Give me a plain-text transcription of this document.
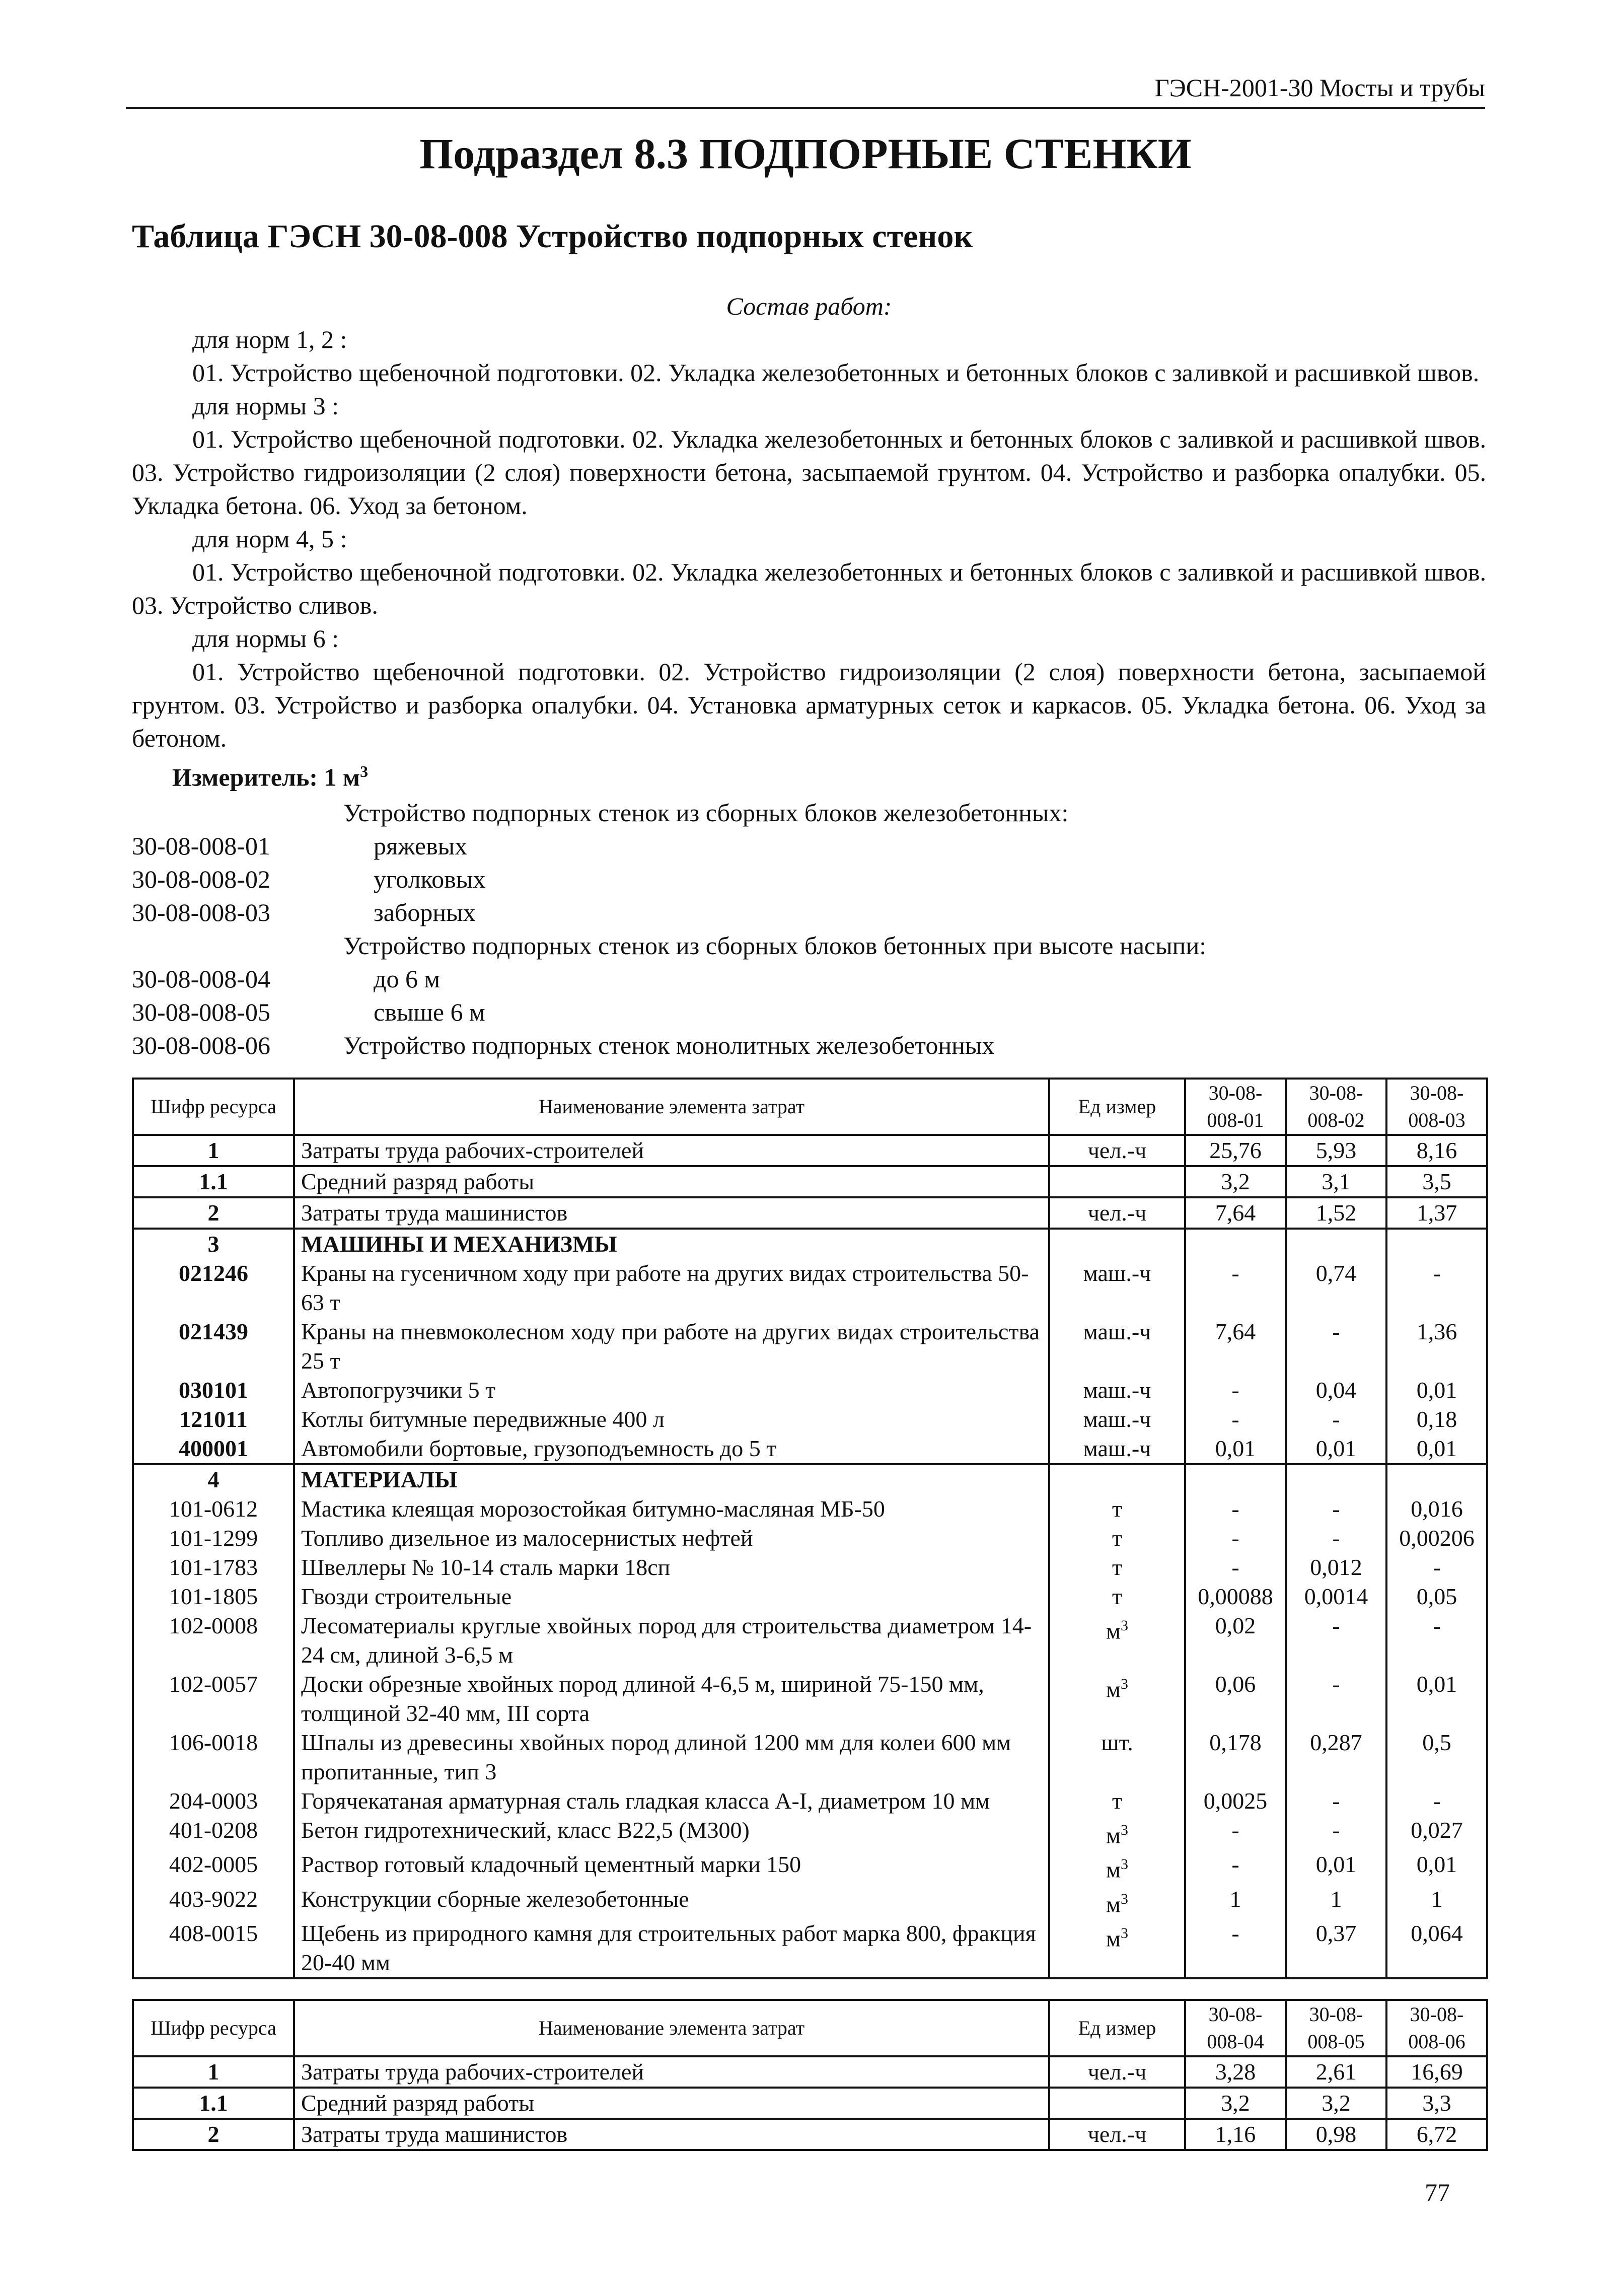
ГЭСН-2001-30 Мосты и трубы
Подраздел 8.3 ПОДПОРНЫЕ СТЕНКИ
Таблица ГЭСН 30-08-008 Устройство подпорных стенок

Состав работ:

для норм 1, 2 :

01. Устройство щебеночной подготовки. 02. Укладка железобетонных и бетонных блоков с заливкой и расшивкой швов.

для нормы 3 :

01. Устройство щебеночной подготовки. 02. Укладка железобетонных и бетонных блоков с заливкой и расшивкой швов. 03. Устройство гидроизоляции (2 слоя) поверхности бетона, засыпаемой грунтом. 04. Устройство и разборка опалубки. 05. Укладка бетона. 06. Уход за бетоном.

для норм 4, 5 :

01. Устройство щебеночной подготовки. 02. Укладка железобетонных и бетонных блоков с заливкой и расшивкой швов. 03. Устройство сливов.

для нормы 6 :

01. Устройство щебеночной подготовки. 02. Устройство гидроизоляции (2 слоя) поверхности бетона, засыпаемой грунтом. 03. Устройство и разборка опалубки. 04. Установка арматурных сеток и каркасов. 05. Укладка бетона. 06. Уход за бетоном.

Измеритель: 1 $м^3$

Устройство подпорных стенок из сборных блоков железобетонных:
30-08-008-01	ряжевых
30-08-008-02	уголковых
30-08-008-03	заборных
Устройство подпорных стенок из сборных блоков бетонных при высоте насыпи:
30-08-008-04	до 6 м
30-08-008-05	свыше 6 м
30-08-008-06	Устройство подпорных стенок монолитных железобетонных
Шифр ресурса	Наименование элемента затрат	Ед измер	30-08-008-01	30-08-008-02	30-08-008-03
1	Затраты труда рабочих-строителей	чел.-ч	25,76	5,93	8,16
1.1	Средний разряд работы		3,2	3,1	3,5
2	Затраты труда машинистов	чел.-ч	7,64	1,52	1,37
3	МАШИНЫ И МЕХАНИЗМЫ				
021246	Краны на гусеничном ходу при работе на других видах строительства 50-63 т	маш.-ч	-	0,74	-
021439	Краны на пневмоколесном ходу при работе на других видах строительства 25 т	маш.-ч	7,64	-	1,36
030101	Автопогрузчики 5 т	маш.-ч	-	0,04	0,01
121011	Котлы битумные передвижные 400 л	маш.-ч	-	-	0,18
400001	Автомобили бортовые, грузоподъемность до 5 т	маш.-ч	0,01	0,01	0,01
4	МАТЕРИАЛЫ				
101-0612	Мастика клеящая морозостойкая битумно-масляная МБ-50	т	-	-	0,016
101-1299	Топливо дизельное из малосернистых нефтей	т	-	-	0,00206
101-1783	Швеллеры № 10-14 сталь марки 18сп	т	-	0,012	-
101-1805	Гвозди строительные	т	0,00088	0,0014	0,05
102-0008	Лесоматериалы круглые хвойных пород для строительства диаметром 14-24 см, длиной 3-6,5 м	$м^3$	0,02	-	-
102-0057	Доски обрезные хвойных пород длиной 4-6,5 м, шириной 75-150 мм, толщиной 32-40 мм, III сорта	$м^3$	0,06	-	0,01
106-0018	Шпалы из древесины хвойных пород длиной 1200 мм для колеи 600 мм пропитанные, тип 3	шт.	0,178	0,287	0,5
204-0003	Горячекатаная арматурная сталь гладкая класса А-I, диаметром 10 мм	т	0,0025	-	-
401-0208	Бетон гидротехнический, класс В22,5 (М300)	$м^3$	-	-	0,027
402-0005	Раствор готовый кладочный цементный марки 150	$м^3$	-	0,01	0,01
403-9022	Конструкции сборные железобетонные	$м^3$	1	1	1
408-0015	Щебень из природного камня для строительных работ марка 800, фракция 20-40 мм	$м^3$	-	0,37	0,064
Шифр ресурса	Наименование элемента затрат	Ед измер	30-08-008-04	30-08-008-05	30-08-008-06
1	Затраты труда рабочих-строителей	чел.-ч	3,28	2,61	16,69
1.1	Средний разряд работы		3,2	3,2	3,3
2	Затраты труда машинистов	чел.-ч	1,16	0,98	6,72
77
